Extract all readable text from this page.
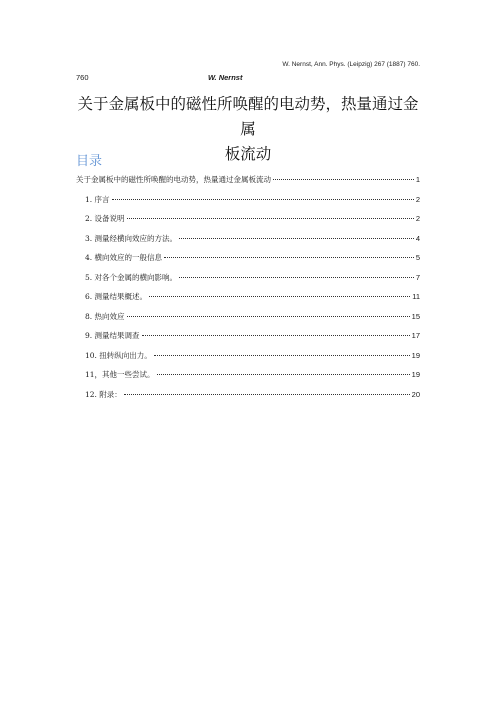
W. Nernst, Ann. Phys. (Leipzig) 267 (1887) 760.
760	W. Nernst
关于金属板中的磁性所唤醒的电动势，热量通过金属
板流动
目录
关于金属板中的磁性所唤醒的电动势，热量通过金属板流动	1
1. 序言	2
2. 设备说明	2
3. 测量经横向效应的方法。	4
4. 横向效应的一般信息	5
5. 对各个金属的横向影响。	7
6. 测量结果概述。	11
8. 热向效应	15
9. 测量结果调查	17
10. 扭转纵向出力。	19
11，其他一些尝试。	19
12. 附录：	20
